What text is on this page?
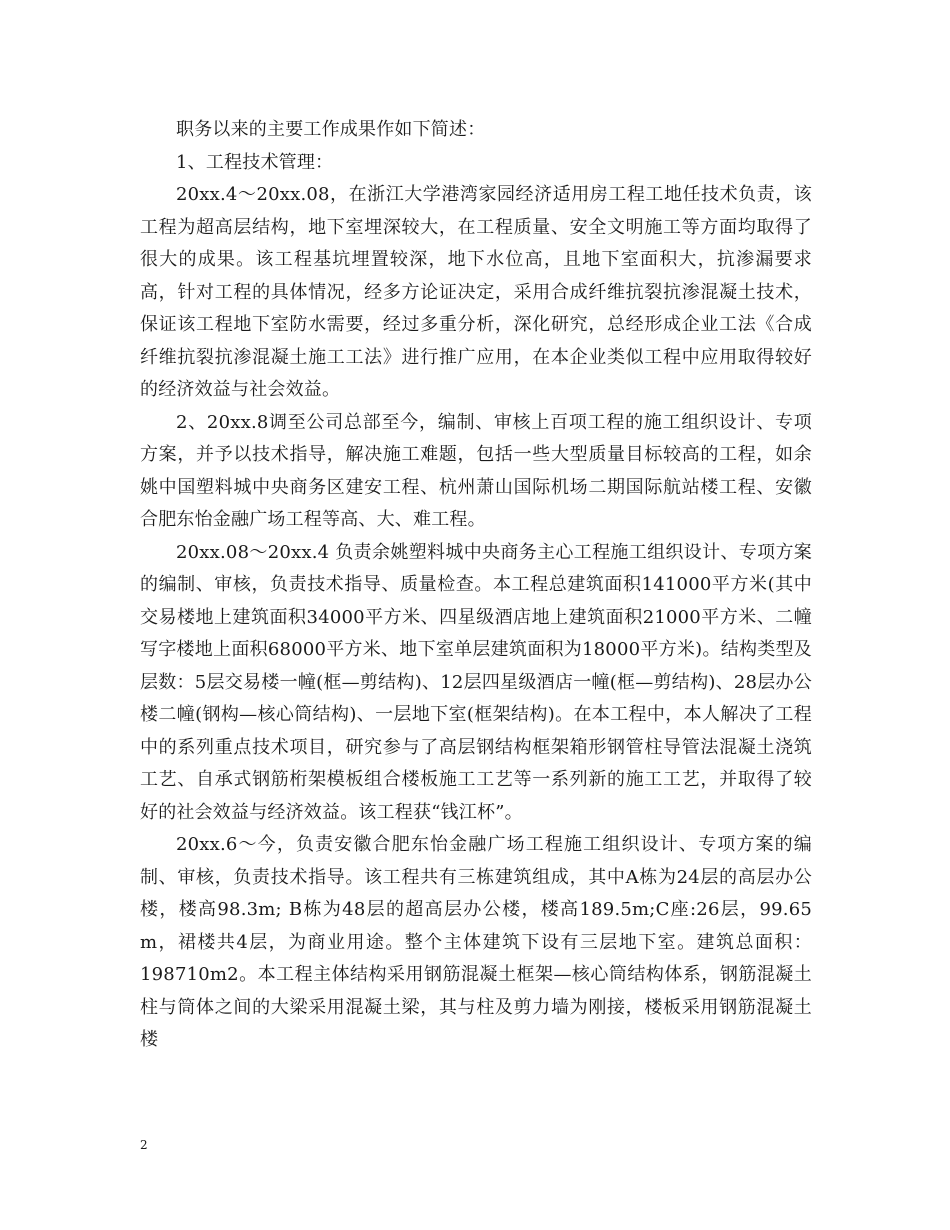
职务以来的主要工作成果作如下简述：

1、工程技术管理：

20xx.4～20xx.08，在浙江大学港湾家园经济适用房工程工地任技术负责，该工程为超高层结构，地下室埋深较大，在工程质量、安全文明施工等方面均取得了很大的成果。该工程基坑埋置较深，地下水位高，且地下室面积大，抗渗漏要求高，针对工程的具体情况，经多方论证决定，采用合成纤维抗裂抗渗混凝土技术，保证该工程地下室防水需要，经过多重分析，深化研究，总经形成企业工法《合成纤维抗裂抗渗混凝土施工工法》进行推广应用，在本企业类似工程中应用取得较好的经济效益与社会效益。

2、20xx.8调至公司总部至今，编制、审核上百项工程的施工组织设计、专项方案，并予以技术指导，解决施工难题，包括一些大型质量目标较高的工程，如余姚中国塑料城中央商务区建安工程、杭州萧山国际机场二期国际航站楼工程、安徽合肥东怡金融广场工程等高、大、难工程。

20xx.08～20xx.4 负责余姚塑料城中央商务主心工程施工组织设计、专项方案的编制、审核，负责技术指导、质量检查。本工程总建筑面积141000平方米(其中交易楼地上建筑面积34000平方米、四星级酒店地上建筑面积21000平方米、二幢写字楼地上面积68000平方米、地下室单层建筑面积为18000平方米)。结构类型及层数：5层交易楼一幢(框—剪结构)、12层四星级酒店一幢(框—剪结构)、28层办公楼二幢(钢构—核心筒结构)、一层地下室(框架结构)。在本工程中，本人解决了工程中的系列重点技术项目，研究参与了高层钢结构框架箱形钢管柱导管法混凝土浇筑工艺、自承式钢筋桁架模板组合楼板施工工艺等一系列新的施工工艺，并取得了较好的社会效益与经济效益。该工程获“钱江杯”。

20xx.6～今，负责安徽合肥东怡金融广场工程施工组织设计、专项方案的编制、审核，负责技术指导。该工程共有三栋建筑组成，其中A栋为24层的高层办公楼，楼高98.3m; B栋为48层的超高层办公楼，楼高189.5m;C座:26层，99.65 m，裙楼共4层，为商业用途。整个主体建筑下设有三层地下室。建筑总面积：198710m2。本工程主体结构采用钢筋混凝土框架—核心筒结构体系，钢筋混凝土柱与筒体之间的大梁采用混凝土梁，其与柱及剪力墙为刚接，楼板采用钢筋混凝土楼

2
